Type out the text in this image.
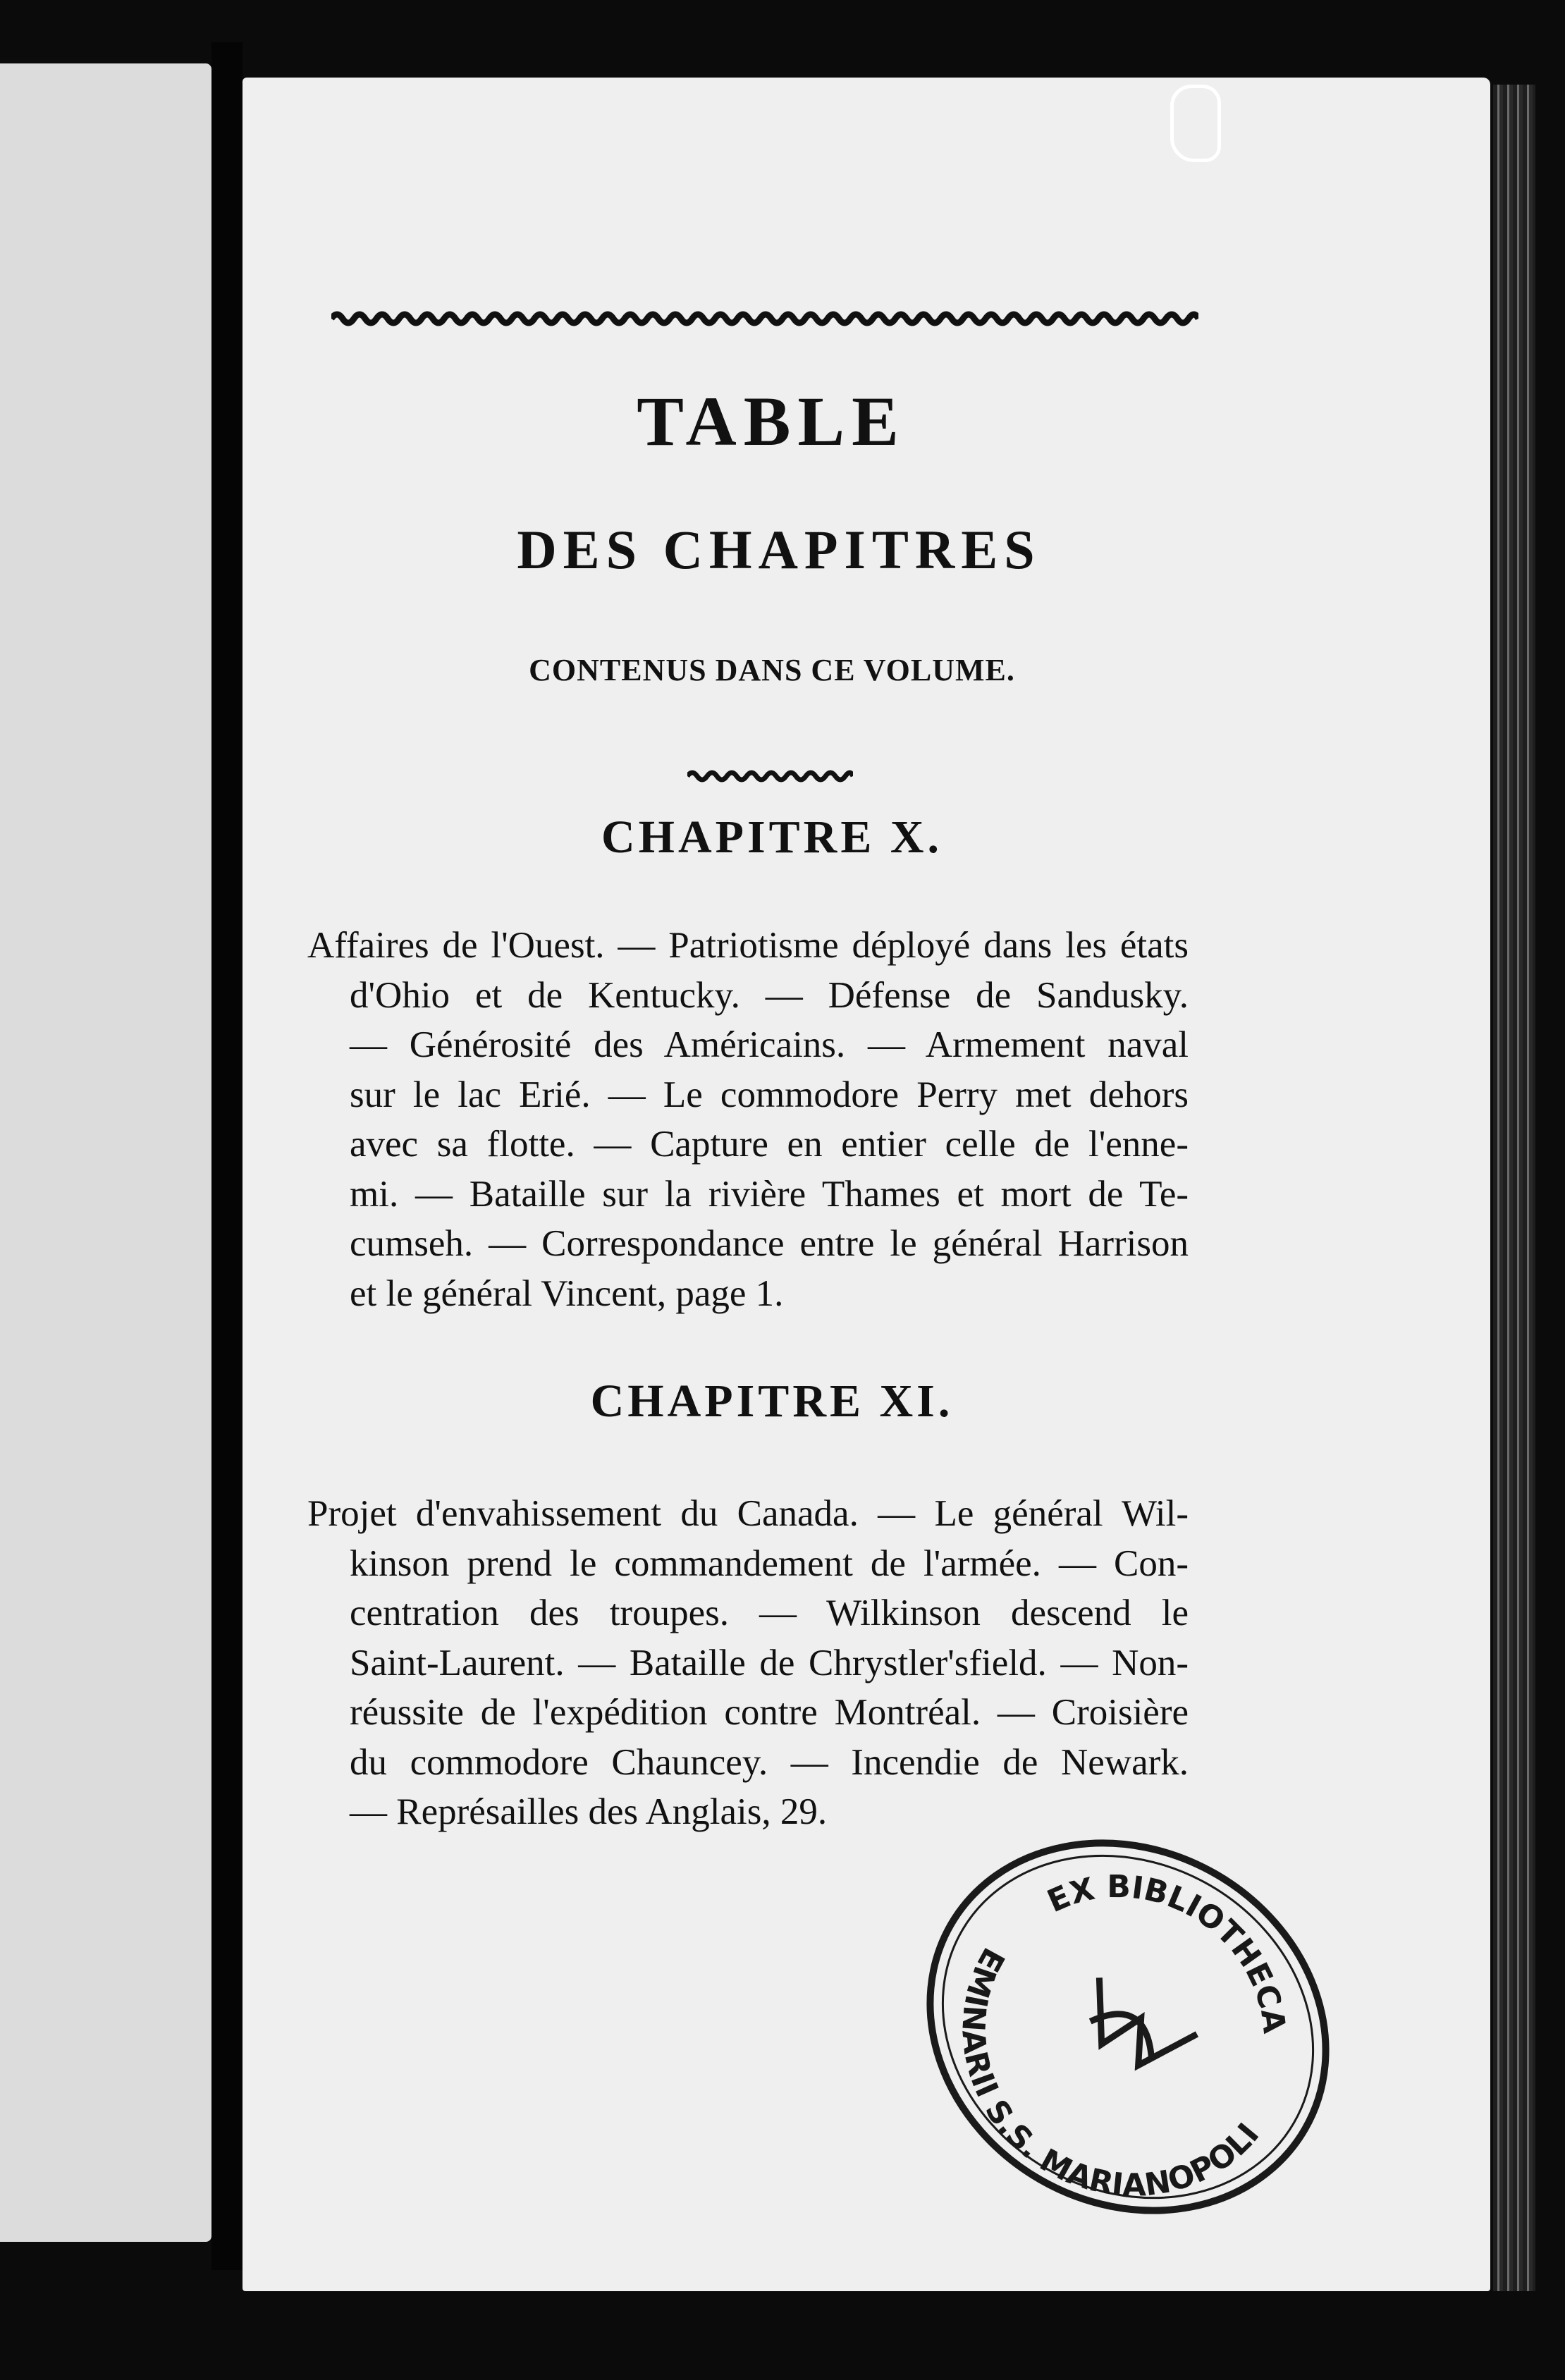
TABLE
DES CHAPITRES
CONTENUS DANS CE VOLUME.
CHAPITRE X.
Affaires de l'Ouest. — Patriotisme déployé dans les états
d'Ohio et de Kentucky. — Défense de Sandusky.
— Générosité des Américains. — Armement naval
sur le lac Erié. — Le commodore Perry met dehors
avec sa flotte. — Capture en entier celle de l'enne-
mi. — Bataille sur la rivière Thames et mort de Te-
cumseh. — Correspondance entre le général Harrison
et le général Vincent, page 1.
CHAPITRE XI.
Projet d'envahissement du Canada. — Le général Wil-
kinson prend le commandement de l'armée. — Con-
centration des troupes. — Wilkinson descend le
Saint-Laurent. — Bataille de Chrystler'sfield. — Non-
réussite de l'expédition contre Montréal. — Croisière
du commodore Chauncey. — Incendie de Newark.
— Représailles des Anglais, 29.
EX BIBLIOTHECA
SEMINARII S.S. MARIANOPOLIT
